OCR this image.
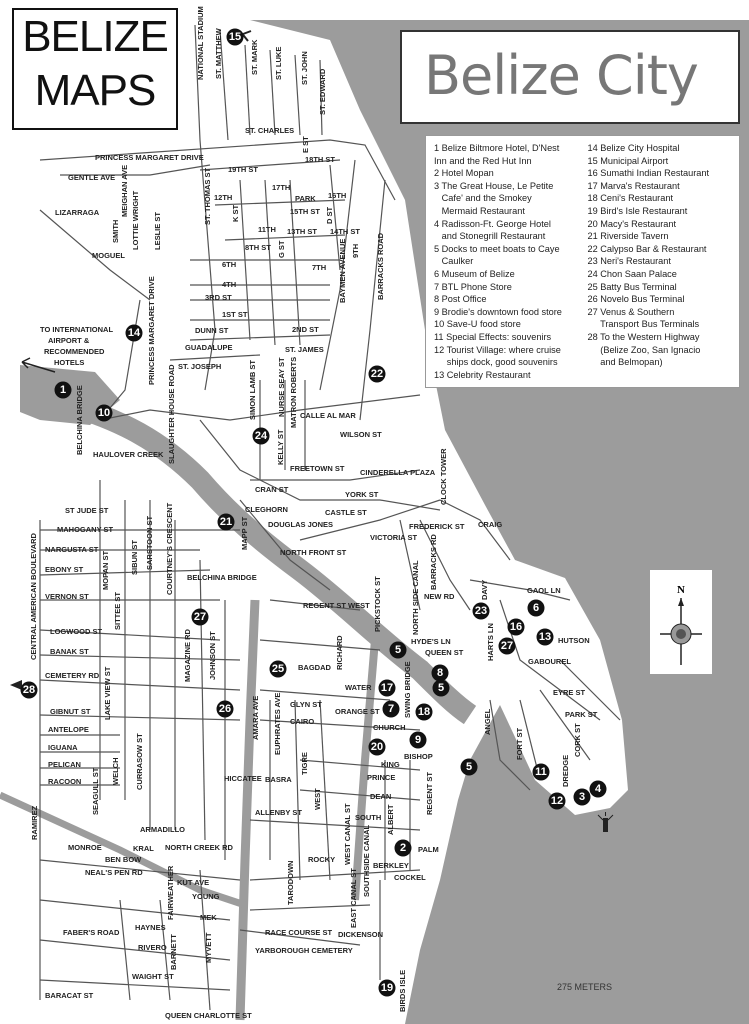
TO INTERNATIONAL
AIRPORT &
RECOMMENDED
HOTELS
N
NATIONAL STADIUM ST. MATTHEW	ST. MARK ST. LUKE ST. JOHN
ST. EDWARD
ST. CHARLES
PRINCESS MARGARET DRIVE
19TH ST
18TH ST
E ST
17TH
PARK 16TH
15TH ST
12TH
11TH 13TH ST 14TH ST
D ST
8TH ST G ST
7TH
6TH
4TH
3RD ST
1ST ST
2ND ST
DUNN ST
GUADALUPE
ST. JOSEPH
ST. JAMES
GENTLE AVE MEIGHAN AVE
SMITH LOTTIE WRIGHT LESLIE ST
ST. THOMAS ST	K ST
LIZARRAGA
MOGUEL
PRINCESS MARGARET DRIVE
BAYMEN AVENUE 9TH BARRACKS ROAD
CALLE AL MAR
WILSON ST
FREETOWN ST CINDERELLA PLAZA
SLAUGHTER HOUSE ROAD	SIMON LAMB ST	NURSE SEAY ST MATRON ROBERTS
KELLY ST
CRAN ST
CLEGHORN
DOUGLAS JONES
YORK ST
CASTLE ST
MAPP ST
NORTH FRONT ST
VICTORIA ST
FREDERICK ST
BARRACKS RD
CLOCK TOWER
CRAIG
DAVY	GAOL LN
HUTSON
HARTS LN
GABOUREL
EYRE ST
PARK ST
CORK ST
ANGEL
FORT ST
DREDGE
QUEEN ST
NORTH SIDE CANAL
HYDE'S LN
PICKSTOCK ST	NEW RD
HAULOVER CREEK
BELCHINA BRIDGE
BELCHINA BRIDGE
SWING BRIDGE
REGENT ST WEST
RICHARD
BAGDAD
WATER
ORANGE ST
GLYN ST
CHURCH
CAIRO
BISHOP
KING
AMARA AVE EUPHRATES AVE
TIGRE
PRINCE
DEAN
SOUTH
BASRA
ALLENBY ST
WEST
WEST CANAL ST SOUTHSIDE CANAL
ALBERT
REGENT ST
PALM
BERKLEY
COCKEL
ROCKY
EAST CANAL ST
TARODOWN
RACE COURSE ST
YARBOROUGH CEMETERY
DICKENSON
BIRDS ISLE
QUEEN CHARLOTTE ST
MYVETT
KUT AVE
YOUNG
MEK
FAIRWEATHER
HAYNES
RIVERO BARNETT
WAIGHT ST
FABER'S ROAD
BARACAT ST
NEAL'S PEN RD
BEN BOW
KRAL
MONROE
RAMIREZ	ARMADILLO
NORTH CREEK RD
HICCATEE
CURRASOW ST
WELCH
SEAGULL ST
RACOON
PELICAN
IGUANA
ANTELOPE
GIBNUT ST
CEMETERY RD
BANAK ST
LOGWOOD ST
LAKE VIEW ST
MAGAZINE RD JOHNSON ST
VERNON ST
EBONY ST
NARGUSTA ST
MAHOGANY ST
ST JUDE ST
SITTEE ST
MOPAN ST	SIBUN ST SARSTOON ST COURTNEY'S CRESCENT
CENTRAL AMERICAN BOULEVARD
1
2
3
4
5
5
5
6
7
8
9
10
11
12
13
14
15
16
17
18
19
20
21
22
23
24
25
26
27
27
28
BELIZE
MAPS	Belize City
1 Belize Biltmore Hotel, D'Nest
Inn and the Red Hut Inn
2 Hotel Mopan
3 The Great House, Le Petite
Cafe' and the Smokey
Mermaid Restaurant
4 Radisson-Ft. George Hotel
and Stonegrill Restaurant
5 Docks to meet boats to Caye
Caulker
6 Museum of Belize
7 BTL Phone Store
8 Post Office
9 Brodie's downtown food store
10 Save-U food store
11 Special Effects: souvenirs
12 Tourist Village: where cruise
ships dock, good souvenirs
13 Celebrity Restaurant
14 Belize City Hospital
15 Municipal Airport
16 Sumathi Indian Restaurant
17 Marva's Restaurant
18 Ceni's Restaurant
19 Bird's Isle Restaurant
20 Macy's Restaurant
21 Riverside Tavern
22 Calypso Bar & Restaurant
23 Neri's Restaurant
24 Chon Saan Palace
25 Batty Bus Terminal
26 Novelo Bus Terminal
27 Venus & Southern
Transport Bus Terminals
28 To the Western Highway
(Belize Zoo, San Ignacio
and Belmopan)
275 METERS
